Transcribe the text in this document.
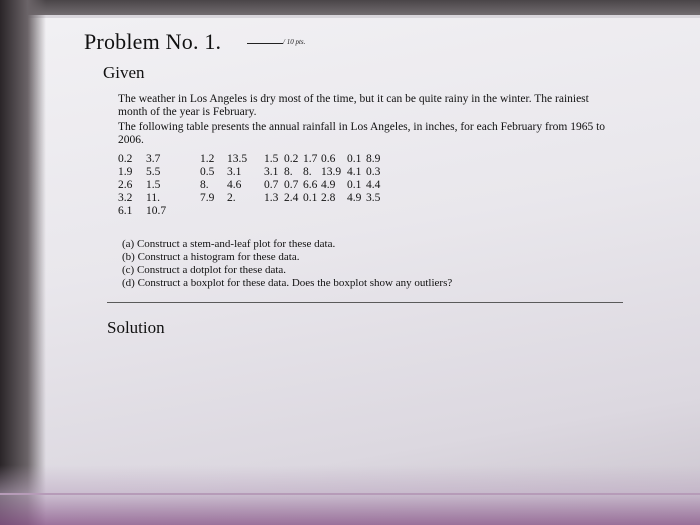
Problem No. 1.	/ 10 pts.
Given
The weather in Los Angeles is dry most of the time, but it can be quite rainy in the winter. The rainiest month of the year is February.
The following table presents the annual rainfall in Los Angeles, in inches, for each February from 1965 to 2006.
0.2	3.7	1.2	13.5	1.5	0.2	1.7	0.6	0.1	8.9
1.9	5.5	0.5	3.1	3.1	8.	8.	13.9	4.1	0.3
2.6	1.5	8.	4.6	0.7	0.7	6.6	4.9	0.1	4.4
3.2	11.	7.9	2.	1.3	2.4	0.1	2.8	4.9	3.5
6.1	10.7								
(a) Construct a stem-and-leaf plot for these data.
(b) Construct a histogram for these data.
(c) Construct a dotplot for these data.
(d) Construct a boxplot for these data. Does the boxplot show any outliers?
Solution
